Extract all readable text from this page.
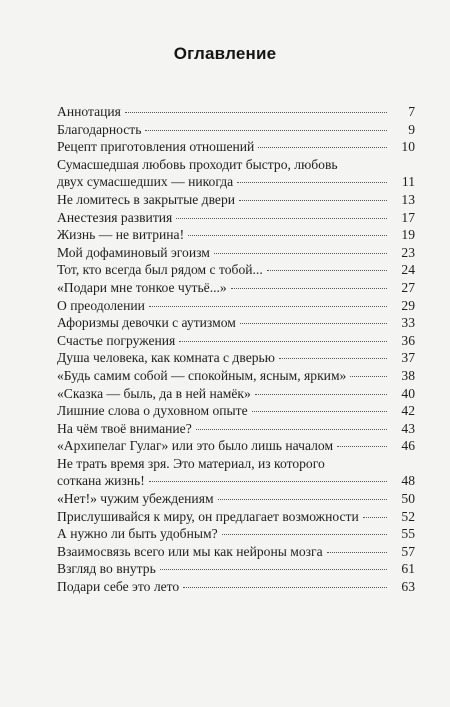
Оглавление
Аннотация	7
Благодарность	9
Рецепт приготовления отношений	10
Сумасшедшая любовь проходит быстро, любовь
двух сумасшедших — никогда	11
Не ломитесь в закрытые двери	13
Анестезия развития	17
Жизнь — не витрина!	19
Мой дофаминовый эгоизм	23
Тот, кто всегда был рядом с тобой...	24
«Подари мне тонкое чутьё...»	27
О преодолении	29
Афоризмы девочки с аутизмом	33
Счастье погружения	36
Душа человека, как комната с дверью	37
«Будь самим собой — спокойным, ясным, ярким»	38
«Сказка — быль, да в ней намёк»	40
Лишние слова о духовном опыте	42
На чём твоё внимание?	43
«Архипелаг Гулаг» или это было лишь началом	46
Не трать время зря. Это материал, из которого
соткана жизнь!	48
«Нет!» чужим убеждениям	50
Прислушивайся к миру, он предлагает возможности	52
А нужно ли быть удобным?	55
Взаимосвязь всего или мы как нейроны мозга	57
Взгляд во внутрь	61
Подари себе это лето	63
